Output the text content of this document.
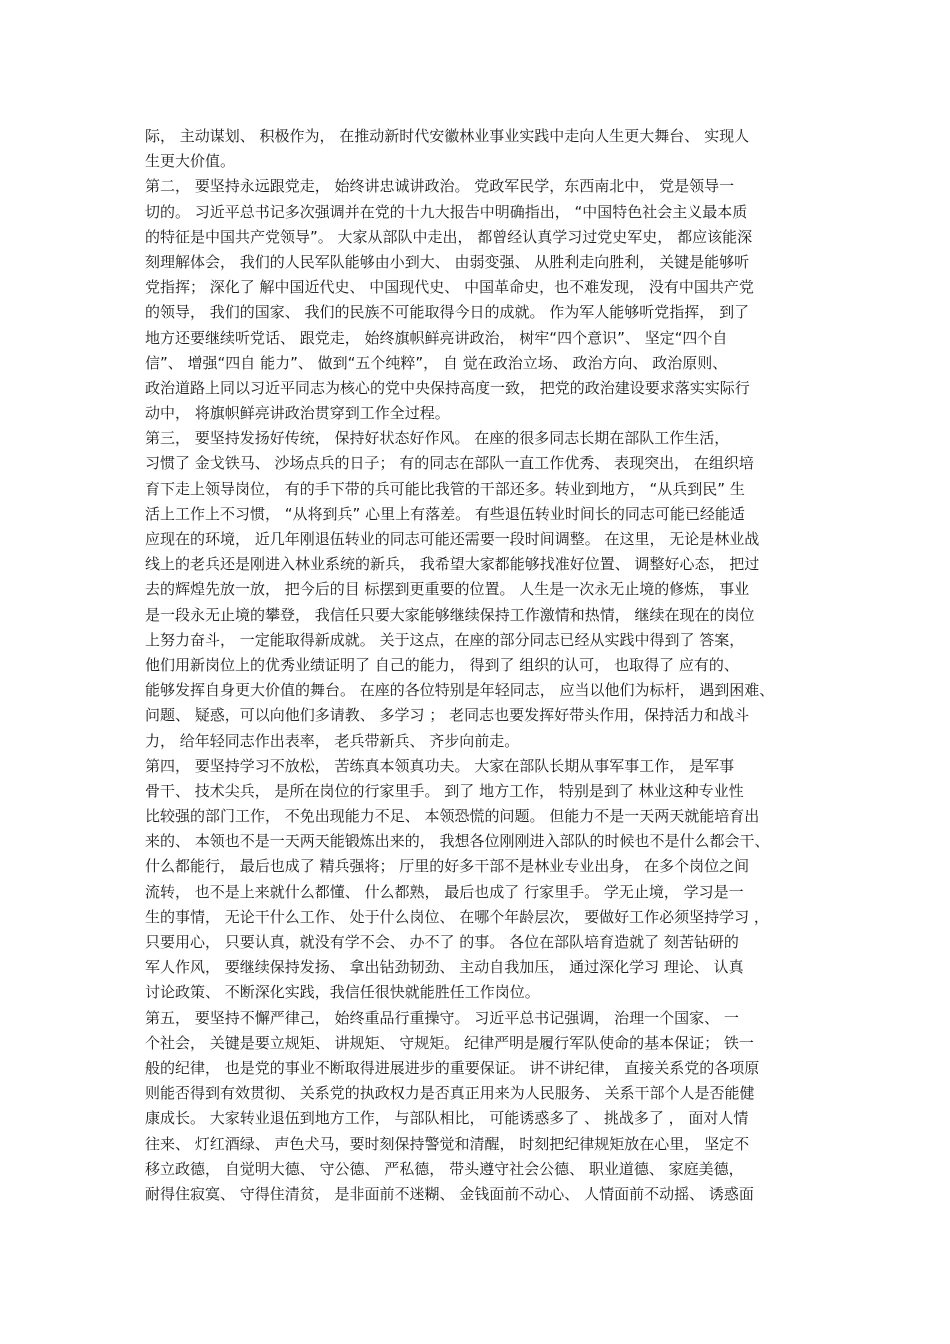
际， 主动谋划、 积极作为， 在推动新时代安徽林业事业实践中走向人生更大舞台、 实现人
生更大价值。
第二， 要坚持永远跟党走， 始终讲忠诚讲政治。 党政军民学，东西南北中， 党是领导一
切的。 习近平总书记多次强调并在党的十九大报告中明确指出， “中国特色社会主义最本质
的特征是中国共产党领导”。 大家从部队中走出， 都曾经认真学习过党史军史， 都应该能深
刻理解体会， 我们的人民军队能够由小到大、 由弱变强、 从胜利走向胜利， 关键是能够听
党指挥； 深化了 解中国近代史、 中国现代史、 中国革命史，也不难发现， 没有中国共产党
的领导， 我们的国家、 我们的民族不可能取得今日的成就。 作为军人能够听党指挥， 到了
地方还要继续听党话、 跟党走， 始终旗帜鲜亮讲政治， 树牢“四个意识”、 坚定“四个自
信”、 增强“四自 能力”、 做到“五个纯粹”， 自 觉在政治立场、 政治方向、 政治原则、
政治道路上同以习近平同志为核心的党中央保持高度一致， 把党的政治建设要求落实实际行
动中， 将旗帜鲜亮讲政治贯穿到工作全过程。
第三， 要坚持发扬好传统， 保持好状态好作风。 在座的很多同志长期在部队工作生活，
习惯了 金戈铁马、 沙场点兵的日子； 有的同志在部队一直工作优秀、 表现突出， 在组织培
育下走上领导岗位， 有的手下带的兵可能比我管的干部还多。转业到地方， “从兵到民” 生
活上工作上不习惯， “从将到兵” 心里上有落差。 有些退伍转业时间长的同志可能已经能适
应现在的环境， 近几年刚退伍转业的同志可能还需要一段时间调整。 在这里， 无论是林业战
线上的老兵还是刚进入林业系统的新兵， 我希望大家都能够找准好位置、 调整好心态， 把过
去的辉煌先放一放， 把今后的目 标摆到更重要的位置。 人生是一次永无止境的修炼， 事业
是一段永无止境的攀登， 我信任只要大家能够继续保持工作激情和热情， 继续在现在的岗位
上努力奋斗， 一定能取得新成就。 关于这点，在座的部分同志已经从实践中得到了 答案，
他们用新岗位上的优秀业绩证明了 自己的能力， 得到了 组织的认可， 也取得了 应有的、
能够发挥自身更大价值的舞台。 在座的各位特别是年轻同志， 应当以他们为标杆， 遇到困难、
问题、 疑惑，可以向他们多请教、 多学习 ； 老同志也要发挥好带头作用，保持活力和战斗
力， 给年轻同志作出表率， 老兵带新兵、 齐步向前走。
第四， 要坚持学习不放松， 苦练真本领真功夫。 大家在部队长期从事军事工作， 是军事
骨干、 技术尖兵， 是所在岗位的行家里手。 到了 地方工作， 特别是到了 林业这种专业性
比较强的部门工作， 不免出现能力不足、 本领恐慌的问题。 但能力不是一天两天就能培育出
来的、 本领也不是一天两天能锻炼出来的， 我想各位刚刚进入部队的时候也不是什么都会干、
什么都能行， 最后也成了 精兵强将； 厅里的好多干部不是林业专业出身， 在多个岗位之间
流转， 也不是上来就什么都懂、 什么都熟， 最后也成了 行家里手。 学无止境， 学习是一
生的事情， 无论干什么工作、 处于什么岗位、 在哪个年龄层次， 要做好工作必须坚持学习 ，
只要用心， 只要认真，就没有学不会、 办不了 的事。 各位在部队培育造就了 刻苦钻研的
军人作风， 要继续保持发扬、 拿出钻劲韧劲、 主动自我加压， 通过深化学习 理论、 认真
讨论政策、 不断深化实践，我信任很快就能胜任工作岗位。
第五， 要坚持不懈严律己， 始终重品行重操守。 习近平总书记强调， 治理一个国家、 一
个社会， 关键是要立规矩、 讲规矩、 守规矩。 纪律严明是履行军队使命的基本保证； 铁一
般的纪律， 也是党的事业不断取得进展进步的重要保证。 讲不讲纪律， 直接关系党的各项原
则能否得到有效贯彻、 关系党的执政权力是否真正用来为人民服务、 关系干部个人是否能健
康成长。 大家转业退伍到地方工作， 与部队相比， 可能诱惑多了 、 挑战多了 ， 面对人情
往来、 灯红酒绿、 声色犬马，要时刻保持警觉和清醒， 时刻把纪律规矩放在心里， 坚定不
移立政德， 自觉明大德、 守公德、 严私德， 带头遵守社会公德、 职业道德、 家庭美德，
耐得住寂寞、 守得住清贫， 是非面前不迷糊、 金钱面前不动心、 人情面前不动摇、 诱惑面
